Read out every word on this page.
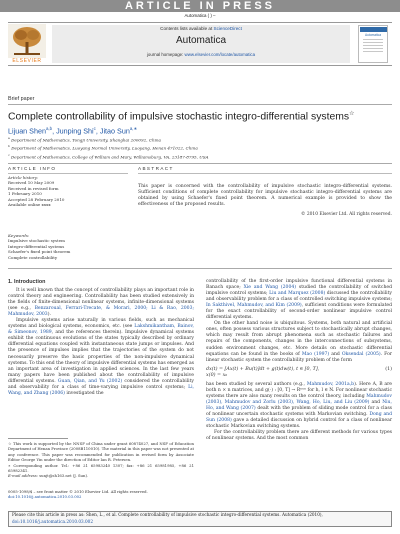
ARTICLE IN PRESS
Automatica ( ) –
ELSEVIER
Contents lists available at ScienceDirect
Automatica
journal homepage: www.elsevier.com/locate/automatica
Automatica
Brief paper
Complete controllability of impulsive stochastic integro-differential systems☆
Lijuan Shen$^{a,b}$, Junping Shi$^c$, Jitao Sun$^{a,∗}$
$^a$ Department of Mathematics, Tongji University, Shanghai 200092, China
$^b$ Department of Mathematics, Luoyang Normal University, Luoyang, Henan 471022, China
$^c$ Department of Mathematics, College of William and Mary, Williamsburg, VA, 23187-8795, USA
ARTICLE INFO	ABSTRACT
Article history:
Received 10 May 2009
Received in revised form
1 February 2010
Accepted 28 February 2010
Available online xxxx
Keywords:
Impulsive stochastic system
Integro-differential systems
Schaefer's fixed point theorem
Complete controllability
This paper is concerned with the controllability of impulsive stochastic integro-differential systems. Sufficient conditions of complete controllability for impulsive stochastic integro-differential systems are obtained by using Schaefer's fixed point theorem. A numerical example is provided to show the effectiveness of the proposed results.
© 2010 Elsevier Ltd. All rights reserved.
1. Introduction

It is well known that the concept of controllability plays an important role in control theory and engineering. Controllability has been studied extensively in the fields of finite-dimensional nonlinear systems, infinite-dimensional systems (see e.g., Benzaroual, Ferrari-Trecate, & Morari, 2000; Li & Rao, 2003; Mahmudov, 2003).

Impulsive systems arise naturally in various fields, such as mechanical systems and biological systems, economics, etc. (see Lakshmikantham, Bainov, & Simeonov, 1989, and the references therein). Impulsive dynamical systems exhibit the continuous evolutions of the states typically described by ordinary differential equations coupled with instantaneous state jumps or impulses. And the presence of impulses implies that the trajectories of the system do not necessarily preserve the basic properties of the non-impulsive dynamical systems. To this end the theory of impulsive differential systems has emerged as an important area of investigation in applied sciences. In the last few years many papers have been published about the controllability of impulsive differential systems. Guan, Qian, and Yu (2002) considered the controllability and observability for a class of time-varying impulsive control systems; Li, Wang, and Zhang (2006) investigated the

controllability of the first-order impulsive functional differential systems in Banach space; Xie and Wang (2004) studied the controllability of switched impulsive control systems; Liu and Marquez (2008) discussed the controllability and observability problem for a class of controlled switching impulsive systems; In Sakthivel, Mahmudov, and Kim (2009), sufficient conditions were formulated for the exact controllability of second-order nonlinear impulsive control differential systems.

On the other hand noise is ubiquitous. Systems, both natural and artificial ones, often possess various structures subject to stochastically abrupt changes, which may result from abrupt phenomena such as stochastic failures and repairs of the components, changes in the interconnections of subsystems, sudden environment changes, etc. More details on stochastic differential equations can be found in the books of Mao (1997) and Oksendal (2005). For linear stochastic system the controllability problem of the form

dx(t) = [Ax(t) + Bu(t)]dt + g(t)dw(t), t ∈ [0, T],
x(0) = x₀
(1)

has been studied by several authors (e.g., Mahmudov, 2001a,b). Here A, B are both n × n matrices, and g(·) : [0, T] → Rⁿˣⁿ for h, l ∈ N. For nonlinear stochastic systems there are also many results on the control theory, including Mahmudov (2003), Mahmudov and Zorlu (2003), Wang, Ho, Liu, and Liu (2009) and Niu, Ho, and Wang (2007) dealt with the problem of sliding mode control for a class of nonlinear uncertain stochastic systems with Markovian switching. Dong and Sun (2008) gave a detailed discussion on hybrid control for a class of nonlinear stochastic Markovian switching systems.

For the controllability problem there are different methods for various types of nonlinear systems. And the most common

☆ This work is supported by the NNSF of China under grant 60874027, and NSF of Education Department of Henan Province (2008B110010). The material in this paper was not presented at any conference. This paper was recommended for publication in revised form by Associate Editor George Yin under the direction of Editor Ian R. Petersen.
∗ Corresponding author. Tel.: +86 21 65983240 1307; fax: +86 21 65981985, +86 21 65982341.
E-mail address: sunjt@sh163.net (J. Sun).
0005-1098/$ – see front matter © 2010 Elsevier Ltd. All rights reserved.
doi:10.1016/j.automatica.2010.03.002
Please cite this article in press as: Shen, L., et al. Complete controllability of impulsive stochastic integro-differential systems. Automatica (2010), doi:10.1016/j.automatica.2010.03.002
